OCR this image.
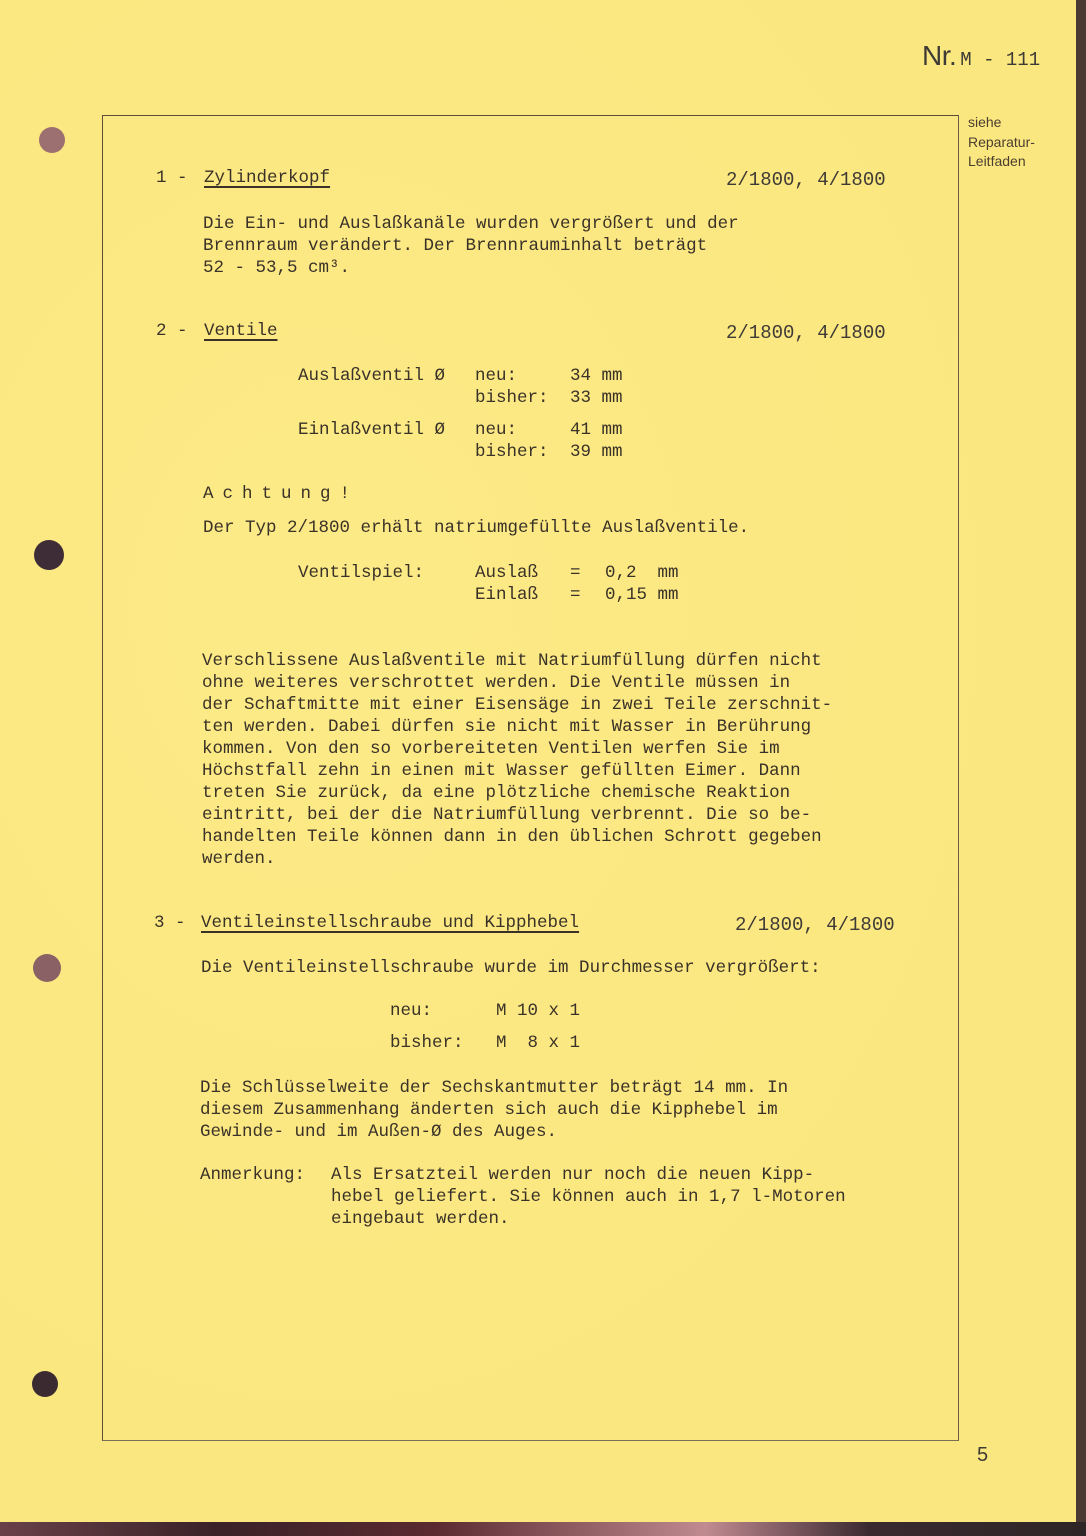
Nr. M - 111
siehe
Reparatur-
Leitfaden
1 - Zylinderkopf	2/1800, 4/1800
Die Ein- und Auslaßkanäle wurden vergrößert und der
Brennraum verändert. Der Brennrauminhalt beträgt
52 - 53,5 cm³.
2 - Ventile	2/1800, 4/1800
Auslaßventil Ø neu:	34 mm
bisher: 33 mm
Einlaßventil Ø neu:	41 mm
bisher: 39 mm
Achtung!
Der Typ 2/1800 erhält natriumgefüllte Auslaßventile.
Ventilspiel:	Auslaß = 0,2  mm
Einlaß = 0,15 mm
Verschlissene Auslaßventile mit Natriumfüllung dürfen nicht
ohne weiteres verschrottet werden. Die Ventile müssen in
der Schaftmitte mit einer Eisensäge in zwei Teile zerschnit-
ten werden. Dabei dürfen sie nicht mit Wasser in Berührung
kommen. Von den so vorbereiteten Ventilen werfen Sie im
Höchstfall zehn in einen mit Wasser gefüllten Eimer. Dann
treten Sie zurück, da eine plötzliche chemische Reaktion
eintritt, bei der die Natriumfüllung verbrennt. Die so be-
handelten Teile können dann in den üblichen Schrott gegeben
werden.
3 - Ventileinstellschraube und Kipphebel	2/1800, 4/1800
Die Ventileinstellschraube wurde im Durchmesser vergrößert:
neu:	M 10 x 1
bisher: M  8 x 1
Die Schlüsselweite der Sechskantmutter beträgt 14 mm. In
diesem Zusammenhang änderten sich auch die Kipphebel im
Gewinde- und im Außen-Ø des Auges.
Anmerkung: Als Ersatzteil werden nur noch die neuen Kipp-
hebel geliefert. Sie können auch in 1,7 l-Motoren
eingebaut werden.
5
